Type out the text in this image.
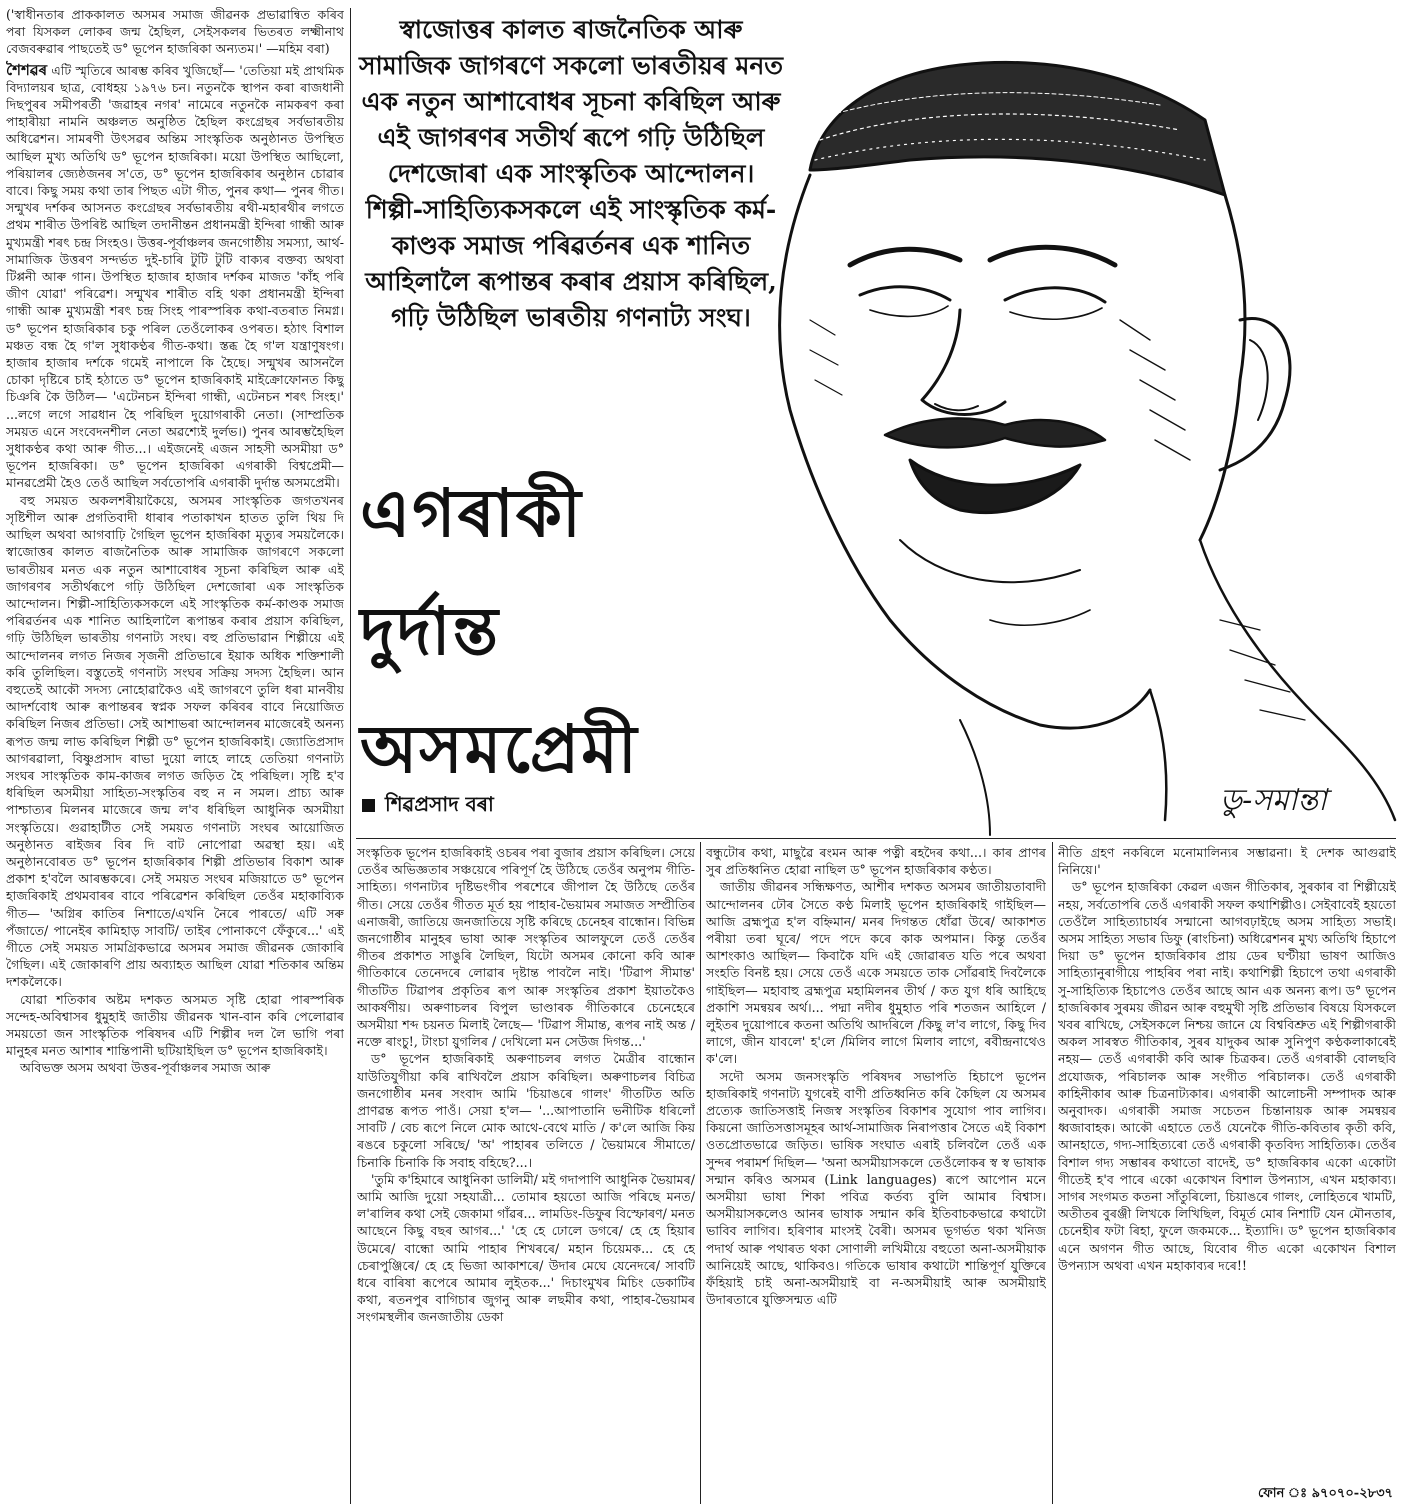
('স্বাধীনতাৰ প্ৰাককালত অসমৰ সমাজ জীৱনক প্ৰভাৱান্বিত কৰিব পৰা যিসকল লোকৰ জন্ম হৈছিল, সেইসকলৰ ভিতৰত লক্ষ্মীনাথ বেজবৰুৱাৰ পাছতেই ড° ভূপেন হাজৰিকা অন্যতম।' —মহিম বৰা)

শৈশৱৰ এটি স্মৃতিৰে আৰম্ভ কৰিব খুজিছোঁ— 'তেতিয়া মই প্ৰাথমিক বিদ্যালয়ৰ ছাত্ৰ, বোধহয় ১৯৭৬ চন। নতুনকৈ স্থাপন কৰা ৰাজধানী দিছপুৰৰ সমীপৰৰ্তী 'জৱাহৰ নগৰ' নামেৰে নতুনকৈ নামকৰণ কৰা পাহাৰীয়া নামনি অঞ্চলত অনুষ্ঠিত হৈছিল কংগ্ৰেছৰ সৰ্বভাৰতীয় অধিৱেশন। সামৰণী উৎসৱৰ অন্তিম সাংস্কৃতিক অনুষ্ঠানত উপস্থিত আছিল মুখ্য অতিথি ড° ভূপেন হাজৰিকা। ময়ো উপস্থিত আছিলো, পৰিয়ালৰ জ্যেষ্ঠজনৰ স'তে, ড° ভূপেন হাজৰিকাৰ অনুষ্ঠান চোৱাৰ বাবে। কিছু সময় কথা তাৰ পিছত এটা গীত, পুনৰ কথা— পুনৰ গীত। সন্মুখৰ দৰ্শকৰ আসনত কংগ্ৰেছৰ সৰ্বভাৰতীয় ৰথী-মহাৰথীৰ লগতে প্ৰথম শাৰীত উপৰিষ্ট আছিল তদানীন্তন প্ৰধানমন্ত্ৰী ইন্দিৰা গান্ধী আৰু মুখ্যমন্ত্ৰী শৰৎ চন্দ্ৰ সিংহও। উত্তৰ-পূৰ্বাঞ্চলৰ জনগোষ্ঠীয় সমস্যা, আৰ্থ-সামাজিক উত্তৰণ সন্দৰ্ভত দুই-চাৰি টুটি টুটি বাক্যৰ বক্তব্য অথবা টিপ্পনী আৰু গান। উপস্থিত হাজাৰ হাজাৰ দৰ্শকৰ মাজত 'কাঁহ পৰি জীণ যোৱা' পৰিৱেশ। সন্মুখৰ শাৰীত বহি থকা প্ৰধানমন্ত্ৰী ইন্দিৰা গান্ধী আৰু মুখ্যমন্ত্ৰী শৰৎ চন্দ্ৰ সিংহ পাৰস্পৰিক কথা-বতৰাত নিমগ্ন। ড° ভূপেন হাজৰিকাৰ চকু পৰিল তেওঁলোকৰ ওপৰত। হঠাৎ বিশাল মঞ্চত বন্ধ হৈ গ'ল সুধাকণ্ঠৰ গীত-কথা। স্তব্ধ হৈ গ'ল যন্ত্ৰাণুষংগ। হাজাৰ হাজাৰ দৰ্শকে গমেই নাপালে কি হৈছে। সন্মুখৰ আসনলৈ চোকা দৃষ্টিৰে চাই হঠাতে ড° ভূপেন হাজৰিকাই মাইক্ৰোফোনত কিছু চিঞৰি কৈ উঠিল— 'এটেনচন ইন্দিৰা গান্ধী, এটেনচন শৰৎ সিংহ।' ...লগে লগে সাৱধান হৈ পৰিছিল দুয়োগৰাকী নেতা। (সাম্প্ৰতিক সময়ত এনে সংবেদনশীল নেতা অৱশ্যেই দুৰ্লভ।) পুনৰ আৰম্ভহৈছিল সুধাকণ্ঠৰ কথা আৰু গীত...। এইজনেই এজন সাহসী অসমীয়া ড° ভূপেন হাজৰিকা। ড° ভূপেন হাজৰিকা এগৰাকী বিশ্বপ্ৰেমী— মানৱপ্ৰেমী হৈও তেওঁ আছিল সৰ্বতোপৰি এগৰাকী দুৰ্দান্ত অসমপ্ৰেমী।

বহু সময়ত অকলশৰীয়াকৈয়ে, অসমৰ সাংস্কৃতিক জগতখনৰ সৃষ্টিশীল আৰু প্ৰগতিবাদী ধাৰাৰ পতাকাখন হাতত তুলি থিয় দি আছিল অথবা আগবাঢ়ি গৈছিল ভূপেন হাজৰিকা মৃত্যুৰ সময়লৈকে। স্বাজোত্তৰ কালত ৰাজনৈতিক আৰু সামাজিক জাগৰণে সকলো ভাৰতীয়ৰ মনত এক নতুন আশাবোধৰ সূচনা কৰিছিল আৰু এই জাগৰণৰ সতীৰ্থৰূপে গঢ়ি উঠিছিল দেশজোৰা এক সাংস্কৃতিক আন্দোলন। শিল্পী-সাহিত্যিকসকলে এই সাংস্কৃতিক কৰ্ম-কাণ্ডক সমাজ পৰিৱৰ্তনৰ এক শানিত আহিলালৈ ৰূপান্তৰ কৰাৰ প্ৰয়াস কৰিছিল, গঢ়ি উঠিছিল ভাৰতীয় গণনাট্য সংঘ। বহু প্ৰতিভাৱান শিল্পীয়ে এই আন্দোলনৰ লগত নিজৰ সৃজনী প্ৰতিভাৰে ইয়াক অধিক শক্তিশালী কৰি তুলিছিল। বস্তুতেই গণনাট্য সংঘৰ সক্ৰিয় সদস্য হৈছিল। আন বহুতেই আকৌ সদস্য নোহোৱাকৈও এই জাগৰণে তুলি ধৰা মানবীয় আদৰ্শবোধ আৰু ৰূপান্তৰৰ স্বপ্নক সফল কৰিবৰ বাবে নিয়োজিত কৰিছিল নিজৰ প্ৰতিভা। সেই আশাভৰা আন্দোলনৰ মাজেৰেই অনন্য ৰূপত জন্ম লাভ কৰিছিল শিল্পী ড° ভূপেন হাজৰিকাই। জ্যোতিপ্ৰসাদ আগৰৱালা, বিষ্ণুপ্ৰসাদ ৰাভা দুয়ো লাহে লাহে তেতিয়া গণনাট্য সংঘৰ সাংস্কৃতিক কাম-কাজৰ লগত জড়িত হৈ পৰিছিল। সৃষ্টি হ'ব ধৰিছিল অসমীয়া সাহিত্য-সংস্কৃতিৰ বহু ন ন সমল। প্ৰাচ্য আৰু পাশ্চাত্যৰ মিলনৰ মাজেৰে জন্ম ল'ব ধৰিছিল আধুনিক অসমীয়া সংস্কৃতিয়ে। গুৱাহাটীত সেই সময়ত গণনাট্য সংঘৰ আয়োজিত অনুষ্ঠানত ৰাইজৰ বিৰ দি বাট নোপোৱা অৱস্থা হয়। এই অনুষ্ঠানবোৰত ড° ভূপেন হাজৰিকাৰ শিল্পী প্ৰতিভাৰ বিকাশ আৰু প্ৰকাশ হ'বলৈ আৰম্ভকৰে। সেই সময়ত সংঘৰ মজিয়াতে ড° ভূপেন হাজৰিকাই প্ৰথমবাৰৰ বাবে পৰিৱেশন কৰিছিল তেওঁৰ মহাকাব্যিক গীত— 'অগ্নিৰ কাতিৰ নিশাতে/এখনি নৈৰে পাৰতে/ এটি সৰু পঁজাতে/ পানেইৰ কামিহাড় সাবটি/ তাইৰ পোনাকণে ফেঁকুৰে...' এই গীতে সেই সময়ত সামগ্ৰিকভাৱে অসমৰ সমাজ জীৱনক জোকাৰি গৈছিল। এই জোকাৰণি প্ৰায় অব্যাহত আছিল যোৱা শতিকাৰ অন্তিম দশকলৈকে।

যোৱা শতিকাৰ অষ্টম দশকত অসমত সৃষ্টি হোৱা পাৰস্পৰিক সন্দেহ-অবিশ্বাসৰ ধুমুহাই জাতীয় জীৱনক খান-বান কৰি পেলোৱাৰ সময়তো জন সাংস্কৃতিক পৰিষদৰ এটি শিল্পীৰ দল লৈ ভাগি পৰা মানুহৰ মনত আশাৰ শান্তিপানী ছটিয়াইছিল ড° ভূপেন হাজৰিকাই।

অবিভক্ত অসম অথবা উত্তৰ-পূৰ্বাঞ্চলৰ সমাজ আৰু

স্বাজোত্তৰ কালত ৰাজনৈতিক আৰু সামাজিক জাগৰণে সকলো ভাৰতীয়ৰ মনত এক নতুন আশাবোধৰ সূচনা কৰিছিল আৰু এই জাগৰণৰ সতীৰ্থ ৰূপে গঢ়ি উঠিছিল দেশজোৰা এক সাংস্কৃতিক আন্দোলন। শিল্পী-সাহিত্যিকসকলে এই সাংস্কৃতিক কৰ্ম-কাণ্ডক সমাজ পৰিৱৰ্তনৰ এক শানিত আহিলালৈ ৰূপান্তৰ কৰাৰ প্ৰয়াস কৰিছিল, গঢ়ি উঠিছিল ভাৰতীয় গণনাট্য সংঘ।

ডু-সমান্তা
এগৰাকী
দুৰ্দান্ত
অসমপ্ৰেমী
শিৱপ্ৰসাদ বৰা

সংস্কৃতিক ভূপেন হাজৰিকাই ওচৰৰ পৰা বুজাৰ প্ৰয়াস কৰিছিল। সেয়ে তেওঁৰ অভিজ্ঞতাৰ সঞ্চয়েৰে পৰিপূৰ্ণ হৈ উঠিছে তেওঁৰ অনুপম গীতি-সাহিত্য। গণনাট্যৰ দৃষ্টিভংগীৰ পৰশেৰে জীপাল হৈ উঠিছে তেওঁৰ গীত। সেয়ে তেওঁৰ গীতত মূৰ্ত হয় পাহাৰ-ভৈয়ামৰ সমাজত সম্প্ৰীতিৰ এনাজৰী, জাতিয়ে জনজাতিয়ে সৃষ্টি কৰিছে চেনেহৰ বান্ধোন। বিভিন্ন জনগোষ্ঠীৰ মানুহৰ ভাষা আৰু সংস্কৃতিৰ আলফুলে তেওঁ তেওঁৰ গীতৰ প্ৰকাশত সাঙুৰি লৈছিল, যিটো অসমৰ কোনো কবি আৰু গীতিকাৰে তেনেদৰে লোৱাৰ দৃষ্টান্ত পাবলৈ নাই। 'টিৱাপ সীমান্ত' গীতটিত টিৱাপৰ প্ৰকৃতিৰ ৰূপ আৰু সংস্কৃতিৰ প্ৰকাশ ইয়াতকৈও আকৰ্ষণীয়। অৰুণাচলৰ বিপুল ভাণ্ডাৰক গীতিকাৰে চেনেহেৰে অসমীয়া শব্দ চয়নত মিলাই লৈছে— 'টিৱাপ সীমান্ত, ৰূপৰ নাই অন্ত / নক্তে ৰাংচু!, টাংচা য়ুগলিৰ / দেখিলো মন সেউজ দিগন্ত...'

ড° ভূপেন হাজৰিকাই অৰুণাচলৰ লগত মৈত্ৰীৰ বান্ধোন যাউতিযুগীয়া কৰি ৰাখিবলৈ প্ৰয়াস কৰিছিল। অৰুণাচলৰ বিচিত্ৰ জনগোষ্ঠীৰ মনৰ সংবাদ আমি 'চিয়াঙৰে গালং' গীতটিত অতি প্ৰাণৱন্ত ৰূপত পাওঁ। সেয়া হ'ল— '...আপাতানি ভনীটিক ধৰিলোঁ সাবটি / বেচ ৰূপে নিলে মোক আথে-বেথে মাতি / ক'লে আজি কিয় ৰঙৰে চকুলো সৰিছে/ 'অ' পাহাৰৰ তলিতে / ভৈয়ামৰে সীমাতে/ চিনাকি চিনাকি কি সবাহ বহিছে?...।

'তুমি ক'হিমাৰে আধুনিকা ডালিমী/ মই গদাপাণি আধুনিক ভৈয়ামৰ/ আমি আজি দুয়ো সহযাত্ৰী... তোমাৰ হয়তো আজি পৰিছে মনত/ ল'ৰালিৰ কথা সেই জেকামা গাঁৱৰ... লামডিং-ডিফুৰ বিস্ফোৰণ/ মনত আছেনে কিছু বছৰ আগৰ...' 'হে হে ঢোলে ডগৰে/ হে হে হিয়াৰ উমেৰে/ বান্ধো আমি পাহাৰ শিখৰৰে/ মহান চিয়েমক... হে হে চেৰাপুঞ্জিৰে/ হে হে ভিজা আকাশৰে/ উদাৰ মেঘে যেনেদৰে/ সাবটি ধৰে বাৰিষা ৰূপেৰে আমাৰ লুইতক...' দিচাংমুখৰ মিচিং ডেকাটিৰ কথা, ৰতনপুৰ বাগিচাৰ জুগনু আৰু লছমীৰ কথা, পাহাৰ-ভৈয়ামৰ সংগমস্থলীৰ জনজাতীয় ডেকা

বন্ধুটোৰ কথা, মাছুৱৈ ৰংমন আৰু পত্নী ৰহদৈৰ কথা...। কাৰ প্ৰাণৰ সুৰ প্ৰতিধ্বনিত হোৱা নাছিল ড° ভূপেন হাজৰিকাৰ কণ্ঠত।

জাতীয় জীৱনৰ সন্ধিক্ষণত, আশীৰ দশকত অসমৰ জাতীয়তাবাদী আন্দোলনৰ ঢৌৰ সৈতে কণ্ঠ মিলাই ভূপেন হাজৰিকাই গাইছিল— আজি ব্ৰহ্মপুত্ৰ হ'ল বহ্নিমান/ মনৰ দিগন্তত ধোঁৱা উৰে/ আকাশত পৰীয়া তৰা ঘূৰে/ পদে পদে কৰে কাক অপমান। কিন্তু তেওঁৰ আশংকাও আছিল— কিবাকৈ যদি এই জোৱাৰত যতি পৰে অথবা সংহতি বিনষ্ট হয়। সেয়ে তেওঁ একে সময়তে তাক সোঁৱৰাই দিবলৈকে গাইছিল— মহাবাহু ব্ৰহ্মপুত্ৰ মহামিলনৰ তীৰ্থ / কত যুগ ধৰি আহিছে প্ৰকাশি সমন্বয়ৰ অৰ্থ।... পদ্মা নদীৰ ধুমুহাত পৰি শতজন আহিলে / লুইতৰ দুয়োপাৰে কতনা অতিথি আদৰিলে /কিছু ল'ব লাগে, কিছু দিব লাগে, জীন যাবলে' হ'লে /মিলিব লাগে মিলাব লাগে, ৰবীন্দ্ৰনাথেও ক'লে।

সদৌ অসম জনসংস্কৃতি পৰিষদৰ সভাপতি হিচাপে ভূপেন হাজৰিকাই গণনাট্য যুগৰেই বাণী প্ৰতিধ্বনিত কৰি কৈছিল যে অসমৰ প্ৰত্যেক জাতিসত্তাই নিজস্ব সংস্কৃতিৰ বিকাশৰ সুযোগ পাব লাগিব। কিয়নো জাতিসত্তাসমূহৰ আৰ্থ-সামাজিক নিৰাপত্তাৰ সৈতে এই বিকাশ ওতপ্ৰোতভাৱে জড়িত। ভাষিক সংঘাত এৰাই চলিবলৈ তেওঁ এক সুন্দৰ পৰামৰ্শ দিছিল— 'অনা অসমীয়াসকলে তেওঁলোকৰ স্ব স্ব ভাষাক সন্মান কৰিও অসমৰ (Link languages) ৰূপে আপোন মনে অসমীয়া ভাষা শিকা পবিত্ৰ কৰ্তব্য বুলি আমাৰ বিশ্বাস। অসমীয়াসকলেও আনৰ ভাষাক সন্মান কৰি ইতিবাচকভাৱে কথাটো ভাবিব লাগিব। হৰিণাৰ মাংসই বৈৰী। অসমৰ ভূগৰ্ভত থকা খনিজ পদাৰ্থ আৰু পথাৰত থকা সোণালী লখিমীয়ে বহুতো অনা-অসমীয়াক আনিয়েই আছে, থাকিবও। গতিকে ভাষাৰ কথাটো শান্তিপূৰ্ণ যুক্তিৰে ফঁহিয়াই চাই অনা-অসমীয়াই বা ন-অসমীয়াই আৰু অসমীয়াই উদাৰতাৰে যুক্তিসন্মত এটি

নীতি গ্ৰহণ নকৰিলে মনোমালিন্যৰ সম্ভাৱনা। ই দেশক আগুৱাই নিনিয়ে।'

ড° ভূপেন হাজৰিকা কেৱল এজন গীতিকাৰ, সুৰকাৰ বা শিল্পীয়েই নহয়, সৰ্বতোপৰি তেওঁ এগৰাকী সফল কথাশিল্পীও। সেইবাবেই হয়তো তেওঁলৈ সাহিত্যাচাৰ্যৰ সন্মানো আগবঢ়াইছে অসম সাহিত্য সভাই। অসম সাহিত্য সভাৰ ডিফু (ৰাংচিনা) অধিৱেশনৰ মুখ্য অতিথি হিচাপে দিয়া ড° ভূপেন হাজৰিকাৰ প্ৰায় ডেৰ ঘণ্টীয়া ভাষণ আজিও সাহিত্যানুৰাগীয়ে পাহৰিব পৰা নাই। কথাশিল্পী হিচাপে তথা এগৰাকী সু-সাহিত্যিক হিচাপেও তেওঁৰ আছে আন এক অনন্য ৰূপ। ড° ভূপেন হাজৰিকাৰ সুৰময় জীৱন আৰু বহুমুখী সৃষ্টি প্ৰতিভাৰ বিষয়ে যিসকলে খবৰ ৰাখিছে, সেইসকলে নিশ্চয় জানে যে বিশ্ববিশ্ৰুত এই শিল্পীগৰাকী অকল সাৰস্বত গীতিকাৰ, সুৰৰ যাদুকৰ আৰু সুনিপুণ কণ্ঠকলাকাৰেই নহয়— তেওঁ এগৰাকী কবি আৰু চিত্ৰকৰ। তেওঁ এগৰাকী বোলছবি প্ৰযোজক, পৰিচালক আৰু সংগীত পৰিচালক। তেওঁ এগৰাকী কাহিনীকাৰ আৰু চিত্ৰনাট্যকাৰ। এগৰাকী আলোচনী সম্পাদক আৰু অনুবাদক। এগৰাকী সমাজ সচেতন চিন্তানায়ক আৰু সমন্বয়ৰ ধ্বজাবাহক। আকৌ এহাতে তেওঁ যেনেকৈ গীতি-কবিতাৰ কৃতী কবি, আনহাতে, গদ্য-সাহিত্যৰো তেওঁ এগৰাকী কৃতবিদ্য সাহিত্যিক। তেওঁৰ বিশাল গদ্য সম্ভাৰৰ কথাতো বাদেই, ড° হাজৰিকাৰ একো একোটা গীতেই হ'ব পাৰে একো একোখন বিশাল উপন্যাস, এখন মহাকাব্য। সাগৰ সংগমত কতনা সাঁতুৰিলো, চিয়াঙৰে গালং, লোহিতৰে খামটি, অতীতৰ বুৰঞ্জী লিখকে লিখিছিল, বিমূৰ্ত মোৰ নিশাটি যেন মৌনতাৰ, চেনেহীৰ ফটা ৰিহা, ফুলে জকমকে... ইত্যাদি। ড° ভূপেন হাজৰিকাৰ এনে অগণন গীত আছে, যিবোৰ গীত একো একোখন বিশাল উপন্যাস অথবা এখন মহাকাব্যৰ দৰে!!

ফোন ঃ ৯৭০৭০-২৮৩৭
